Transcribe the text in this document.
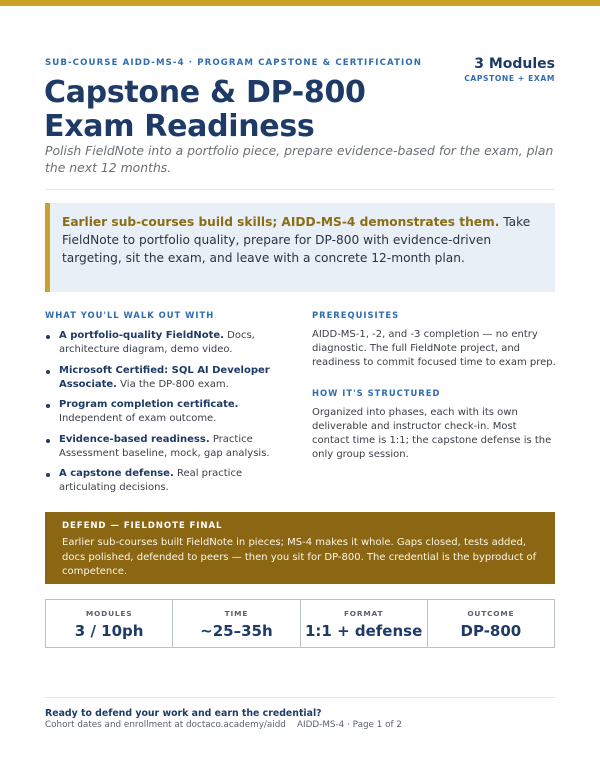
SUB-COURSE AIDD-MS-4 · PROGRAM CAPSTONE & CERTIFICATION	3 Modules
CAPSTONE + EXAM
Capstone & DP-800 Exam Readiness

Polish FieldNote into a portfolio piece, prepare evidence-based for the exam, plan the next 12 months.

Earlier sub-courses build skills; AIDD-MS-4 demonstrates them. Take FieldNote to portfolio quality, prepare for DP-800 with evidence-driven targeting, sit the exam, and leave with a concrete 12-month plan.

WHAT YOU'LL WALK OUT WITH
A portfolio-quality FieldNote. Docs, architecture diagram, demo video.
Microsoft Certified: SQL AI Developer Associate. Via the DP-800 exam.
Program completion certificate. Independent of exam outcome.
Evidence-based readiness. Practice Assessment baseline, mock, gap analysis.
A capstone defense. Real practice articulating decisions.
PREREQUISITES

AIDD-MS-1, -2, and -3 completion — no entry diagnostic. The full FieldNote project, and readiness to commit focused time to exam prep.

HOW IT'S STRUCTURED

Organized into phases, each with its own deliverable and instructor check-in. Most contact time is 1:1; the capstone defense is the only group session.

DEFEND — FIELDNOTE FINAL

Earlier sub-courses built FieldNote in pieces; MS-4 makes it whole. Gaps closed, tests added, docs polished, defended to peers — then you sit for DP-800. The credential is the byproduct of competence.

MODULES
3 / 10ph
TIME
~25–35h
FORMAT
1:1 + defense
OUTCOME
DP-800
Ready to defend your work and earn the credential?
Cohort dates and enrollment at doctaco.academy/aidd AIDD-MS-4 · Page 1 of 2
